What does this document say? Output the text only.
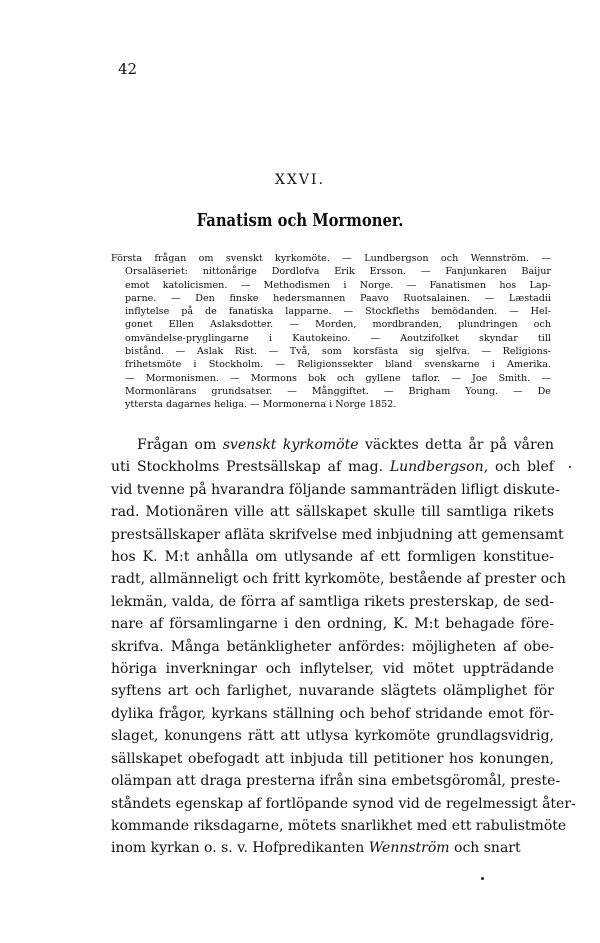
42
XXVI.
Fanatism och Mormoner.
Första frågan om svenskt kyrkomöte. — Lundbergson och Wennström. —
Orsaläseriet: nittonårige Dordlofva Erik Ersson. — Fanjunkaren Baijur
emot katolicismen. — Methodismen i Norge. — Fanatismen hos Lap-
parne. — Den finske hedersmannen Paavo Ruotsalainen. — Læstadii
inflytelse på de fanatiska lapparne. — Stockfleths bemödanden. — Hel-
gonet Ellen Aslaksdotter. — Morden, mordbranden, plundringen och
omvändelse-pryglingarne i Kautokeino. — Aoutzifolket skyndar till
bistånd. — Aslak Rist. — Två, som korsfästa sig sjelfva. — Religions-
frihetsmöte i Stockholm. — Religionssekter bland svenskarne i Amerika.
— Mormonismen. — Mormons bok och gyllene taflor. — Joe Smith. —
Mormonlärans grundsatser. — Månggiftet. — Brigham Young. — De
yttersta dagarnes heliga. — Mormonerna i Norge 1852.
Frågan om svenskt kyrkomöte väcktes detta år på våren
uti Stockholms Prestsällskap af mag. Lundbergson, och blef
vid tvenne på hvarandra följande sammanträden lifligt diskute-
rad. Motionären ville att sällskapet skulle till samtliga rikets
prestsällskaper afläta skrifvelse med inbjudning att gemensamt
hos K. M:t anhålla om utlysande af ett formligen konstitue-
radt, allmänneligt och fritt kyrkomöte, bestående af prester och
lekmän, valda, de förra af samtliga rikets presterskap, de sed-
nare af församlingarne i den ordning, K. M:t behagade före-
skrifva. Många betänkligheter anfördes: möjligheten af obe-
höriga inverkningar och inflytelser, vid mötet uppträdande
syftens art och farlighet, nuvarande slägtets olämplighet för
dylika frågor, kyrkans ställning och behof stridande emot för-
slaget, konungens rätt att utlysa kyrkomöte grundlagsvidrig,
sällskapet obefogadt att inbjuda till petitioner hos konungen,
olämpan att draga presterna ifrån sina embetsgöromål, preste-
ståndets egenskap af fortlöpande synod vid de regelmessigt åter-
kommande riksdagarne, mötets snarlikhet med ett rabulistmöte
inom kyrkan o. s. v. Hofpredikanten Wennström och snart
